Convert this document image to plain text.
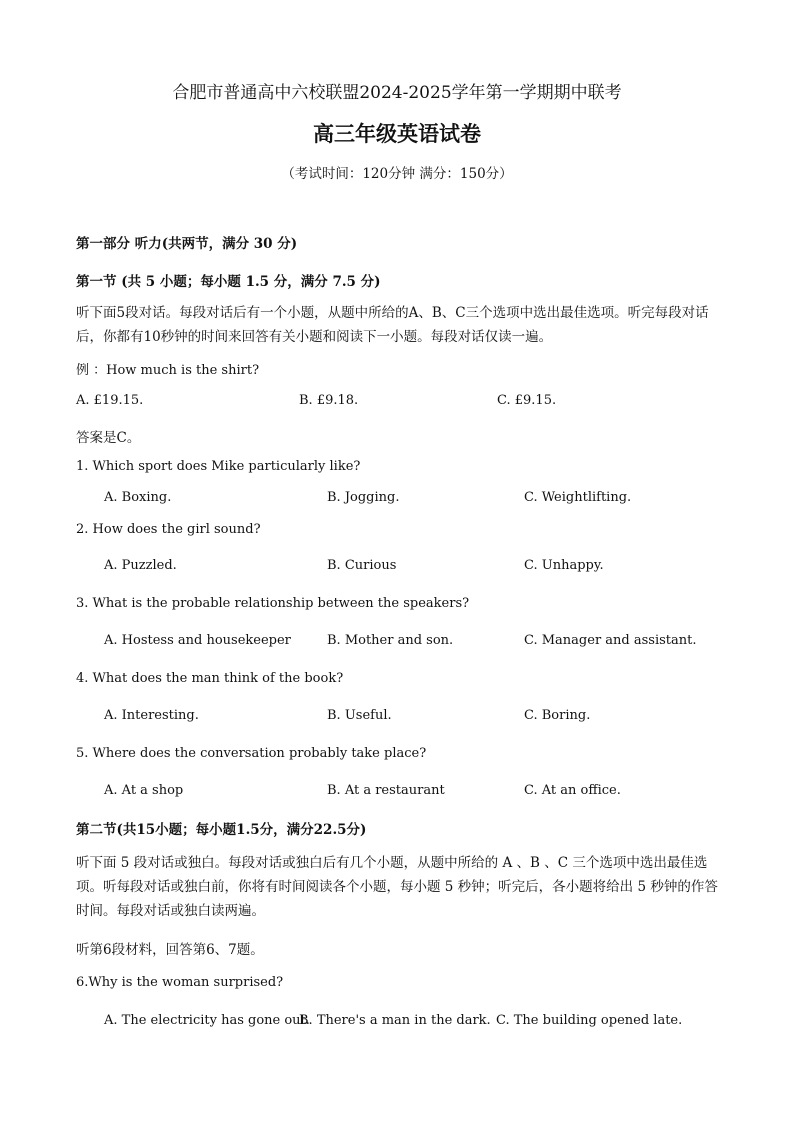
合肥市普通高中六校联盟2024-2025学年第一学期期中联考
高三年级英语试卷
（考试时间：120分钟 满分：150分）
第一部分 听力(共两节，满分 30 分)
第一节 (共 5 小题；每小题 1.5 分，满分 7.5 分)
听下面5段对话。每段对话后有一个小题，从题中所给的A、B、C三个选项中选出最佳选项。听完每段对话后，你都有10秒钟的时间来回答有关小题和阅读下一小题。每段对话仅读一遍。
例 ：How much is the shirt?
A. £19.15.	B. £9.18.	C. £9.15.
答案是C。
1. Which sport does Mike particularly like?
A. Boxing.	B. Jogging.	C. Weightlifting.
2. How does the girl sound?
A. Puzzled.	B. Curious	C. Unhappy.
3. What is the probable relationship between the speakers?
A. Hostess and housekeeper	B. Mother and son.	C. Manager and assistant.
4. What does the man think of the book?
A. Interesting.	B. Useful.	C. Boring.
5. Where does the conversation probably take place?
A. At a shop	B. At a restaurant	C. At an office.
第二节(共15小题；每小题1.5分，满分22.5分)
听下面 5 段对话或独白。每段对话或独白后有几个小题，从题中所给的 A 、B 、C 三个选项中选出最佳选项。听每段对话或独白前，你将有时间阅读各个小题，每小题 5 秒钟；听完后，各小题将给出 5 秒钟的作答时间。每段对话或独白读两遍。
听第6段材料，回答第6、7题。
6.Why is the woman surprised?
A. The electricity has gone out.
B. There's a man in the dark. C. The building opened late.
